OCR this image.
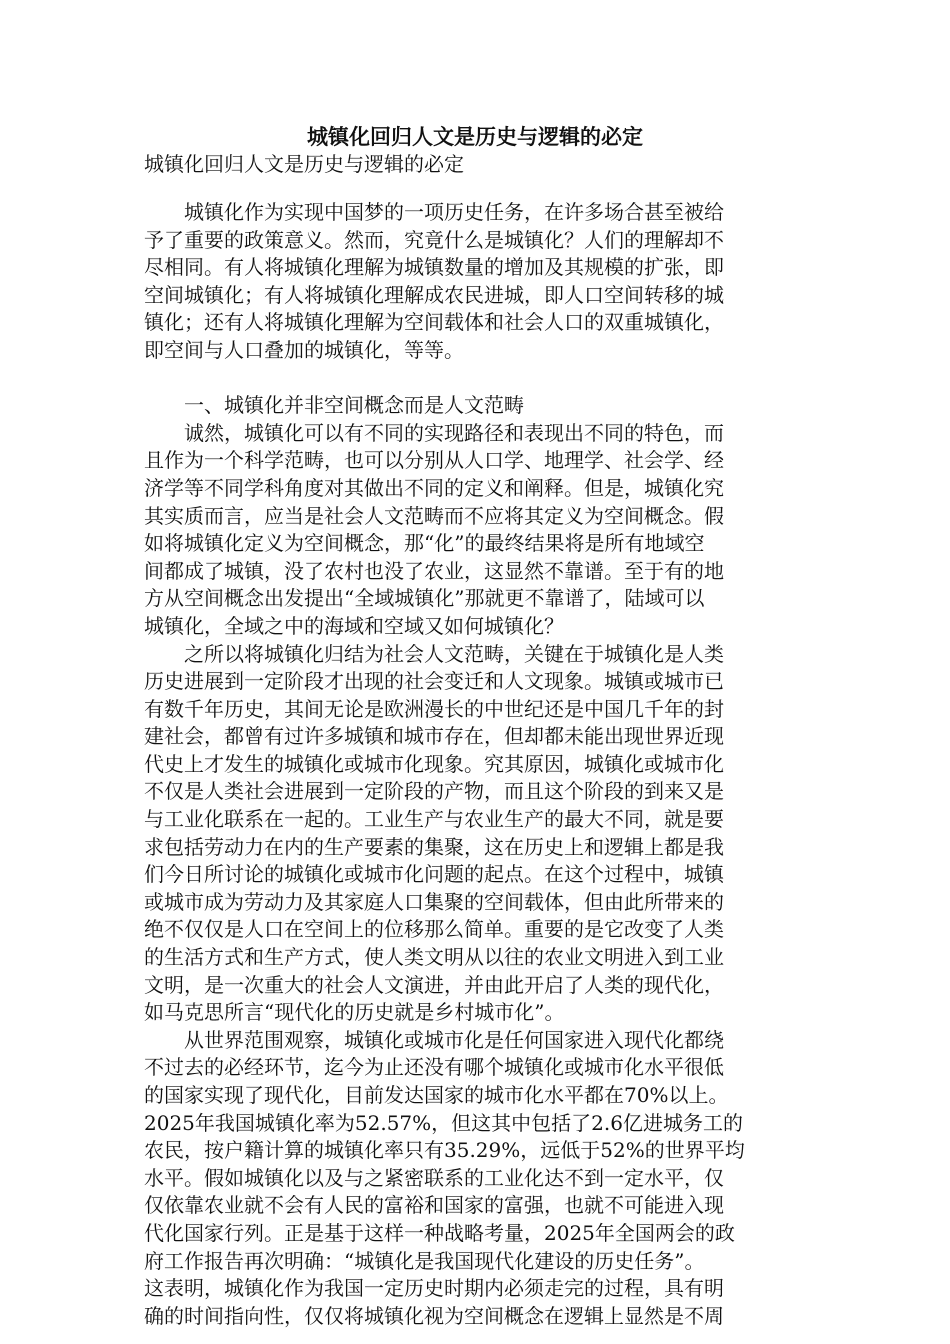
城镇化回归人文是历史与逻辑的必定
城镇化回归人文是历史与逻辑的必定
　　城镇化作为实现中国梦的一项历史任务，在许多场合甚至被给
予了重要的政策意义。然而，究竟什么是城镇化？人们的理解却不
尽相同。有人将城镇化理解为城镇数量的增加及其规模的扩张，即
空间城镇化；有人将城镇化理解成农民进城，即人口空间转移的城
镇化；还有人将城镇化理解为空间载体和社会人口的双重城镇化，
即空间与人口叠加的城镇化，等等。
　　一、城镇化并非空间概念而是人文范畴
　　诚然，城镇化可以有不同的实现路径和表现出不同的特色，而
且作为一个科学范畴，也可以分别从人口学、地理学、社会学、经
济学等不同学科角度对其做出不同的定义和阐释。但是，城镇化究
其实质而言，应当是社会人文范畴而不应将其定义为空间概念。假
如将城镇化定义为空间概念，那“化”的最终结果将是所有地域空
间都成了城镇，没了农村也没了农业，这显然不靠谱。至于有的地
方从空间概念出发提出“全域城镇化”那就更不靠谱了，陆域可以
城镇化，全域之中的海域和空域又如何城镇化？
　　之所以将城镇化归结为社会人文范畴，关键在于城镇化是人类
历史进展到一定阶段才出现的社会变迁和人文现象。城镇或城市已
有数千年历史，其间无论是欧洲漫长的中世纪还是中国几千年的封
建社会，都曾有过许多城镇和城市存在，但却都未能出现世界近现
代史上才发生的城镇化或城市化现象。究其原因，城镇化或城市化
不仅是人类社会进展到一定阶段的产物，而且这个阶段的到来又是
与工业化联系在一起的。工业生产与农业生产的最大不同，就是要
求包括劳动力在内的生产要素的集聚，这在历史上和逻辑上都是我
们今日所讨论的城镇化或城市化问题的起点。在这个过程中，城镇
或城市成为劳动力及其家庭人口集聚的空间载体，但由此所带来的
绝不仅仅是人口在空间上的位移那么简单。重要的是它改变了人类
的生活方式和生产方式，使人类文明从以往的农业文明进入到工业
文明，是一次重大的社会人文演进，并由此开启了人类的现代化，
如马克思所言“现代化的历史就是乡村城市化”。
　　从世界范围观察，城镇化或城市化是任何国家进入现代化都绕
不过去的必经环节，迄今为止还没有哪个城镇化或城市化水平很低
的国家实现了现代化，目前发达国家的城市化水平都在70%以上。
2025年我国城镇化率为52.57%，但这其中包括了2.6亿进城务工的
农民，按户籍计算的城镇化率只有35.29%，远低于52%的世界平均
水平。假如城镇化以及与之紧密联系的工业化达不到一定水平，仅
仅依靠农业就不会有人民的富裕和国家的富强，也就不可能进入现
代化国家行列。正是基于这样一种战略考量，2025年全国两会的政
府工作报告再次明确：“城镇化是我国现代化建设的历史任务”。
这表明，城镇化作为我国一定历史时期内必须走完的过程，具有明
确的时间指向性，仅仅将城镇化视为空间概念在逻辑上显然是不周
